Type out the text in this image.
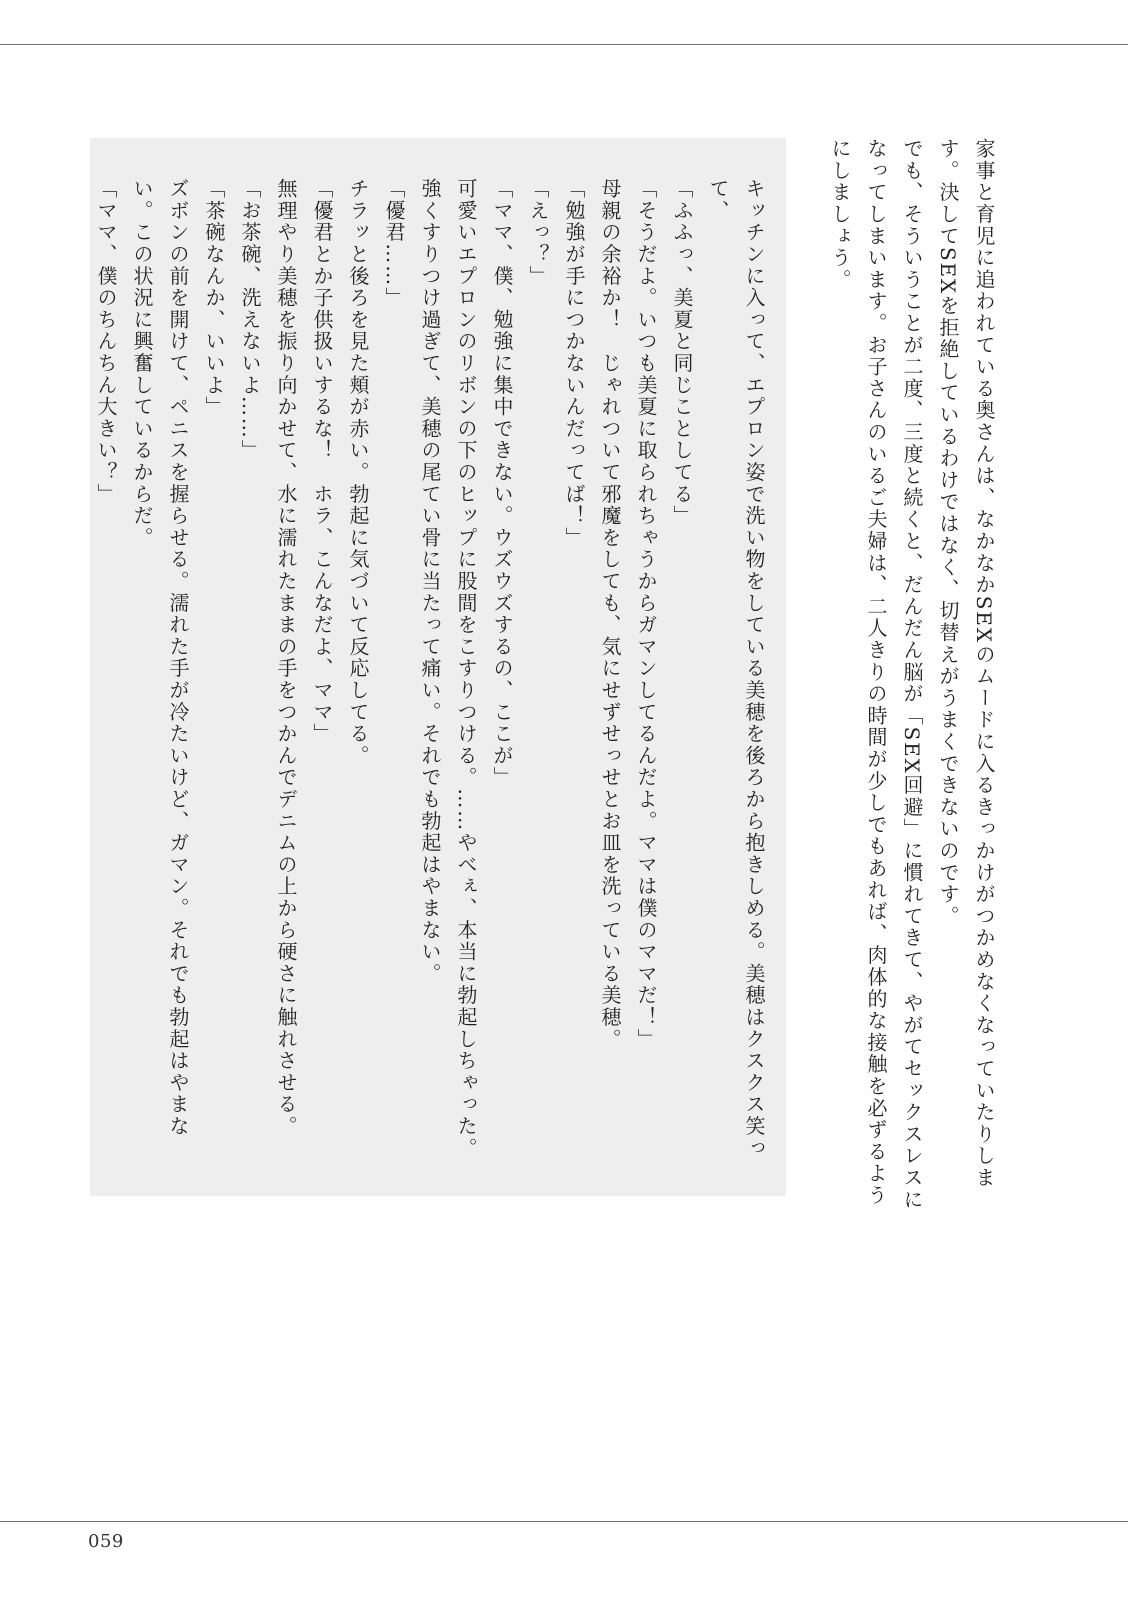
家事と育児に追われている奥さんは、なかなかSEXのムードに入るきっかけがつかめなくなっていたりします。決してSEXを拒絶しているわけではなく、切替えがうまくできないのです。

でも、そういうことが二度、三度と続くと、だんだん脳が「SEX回避」に慣れてきて、やがてセックスレスになってしまいます。お子さんのいるご夫婦は、二人きりの時間が少しでもあれば、肉体的な接触を必ずるようにしましょう。

キッチンに入って、エプロン姿で洗い物をしている美穂を後ろから抱きしめる。美穂はクスクス笑って、

「ふふっ、美夏と同じことしてる」

「そうだよ。いつも美夏に取られちゃうからガマンしてるんだよ。ママは僕のママだ！」

母親の余裕か！　じゃれついて邪魔をしても、気にせずせっせとお皿を洗っている美穂。

「勉強が手につかないんだってば！」

「えっ？」

「ママ、僕、勉強に集中できない。ウズウズするの、ここが」

可愛いエプロンのリボンの下のヒップに股間をこすりつける。……やべぇ、本当に勃起しちゃった。強くすりつけ過ぎて、美穂の尾てい骨に当たって痛い。それでも勃起はやまない。

「優君……」

チラッと後ろを見た頬が赤い。勃起に気づいて反応してる。

「優君とか子供扱いするな！　ホラ、こんなだよ、ママ」

無理やり美穂を振り向かせて、水に濡れたままの手をつかんでデニムの上から硬さに触れさせる。

「お茶碗、洗えないよ……」

「茶碗なんか、いいよ」

ズボンの前を開けて、ペニスを握らせる。濡れた手が冷たいけど、ガマン。それでも勃起はやまない。この状況に興奮しているからだ。

「ママ、僕のちんちん大きい？」

059
